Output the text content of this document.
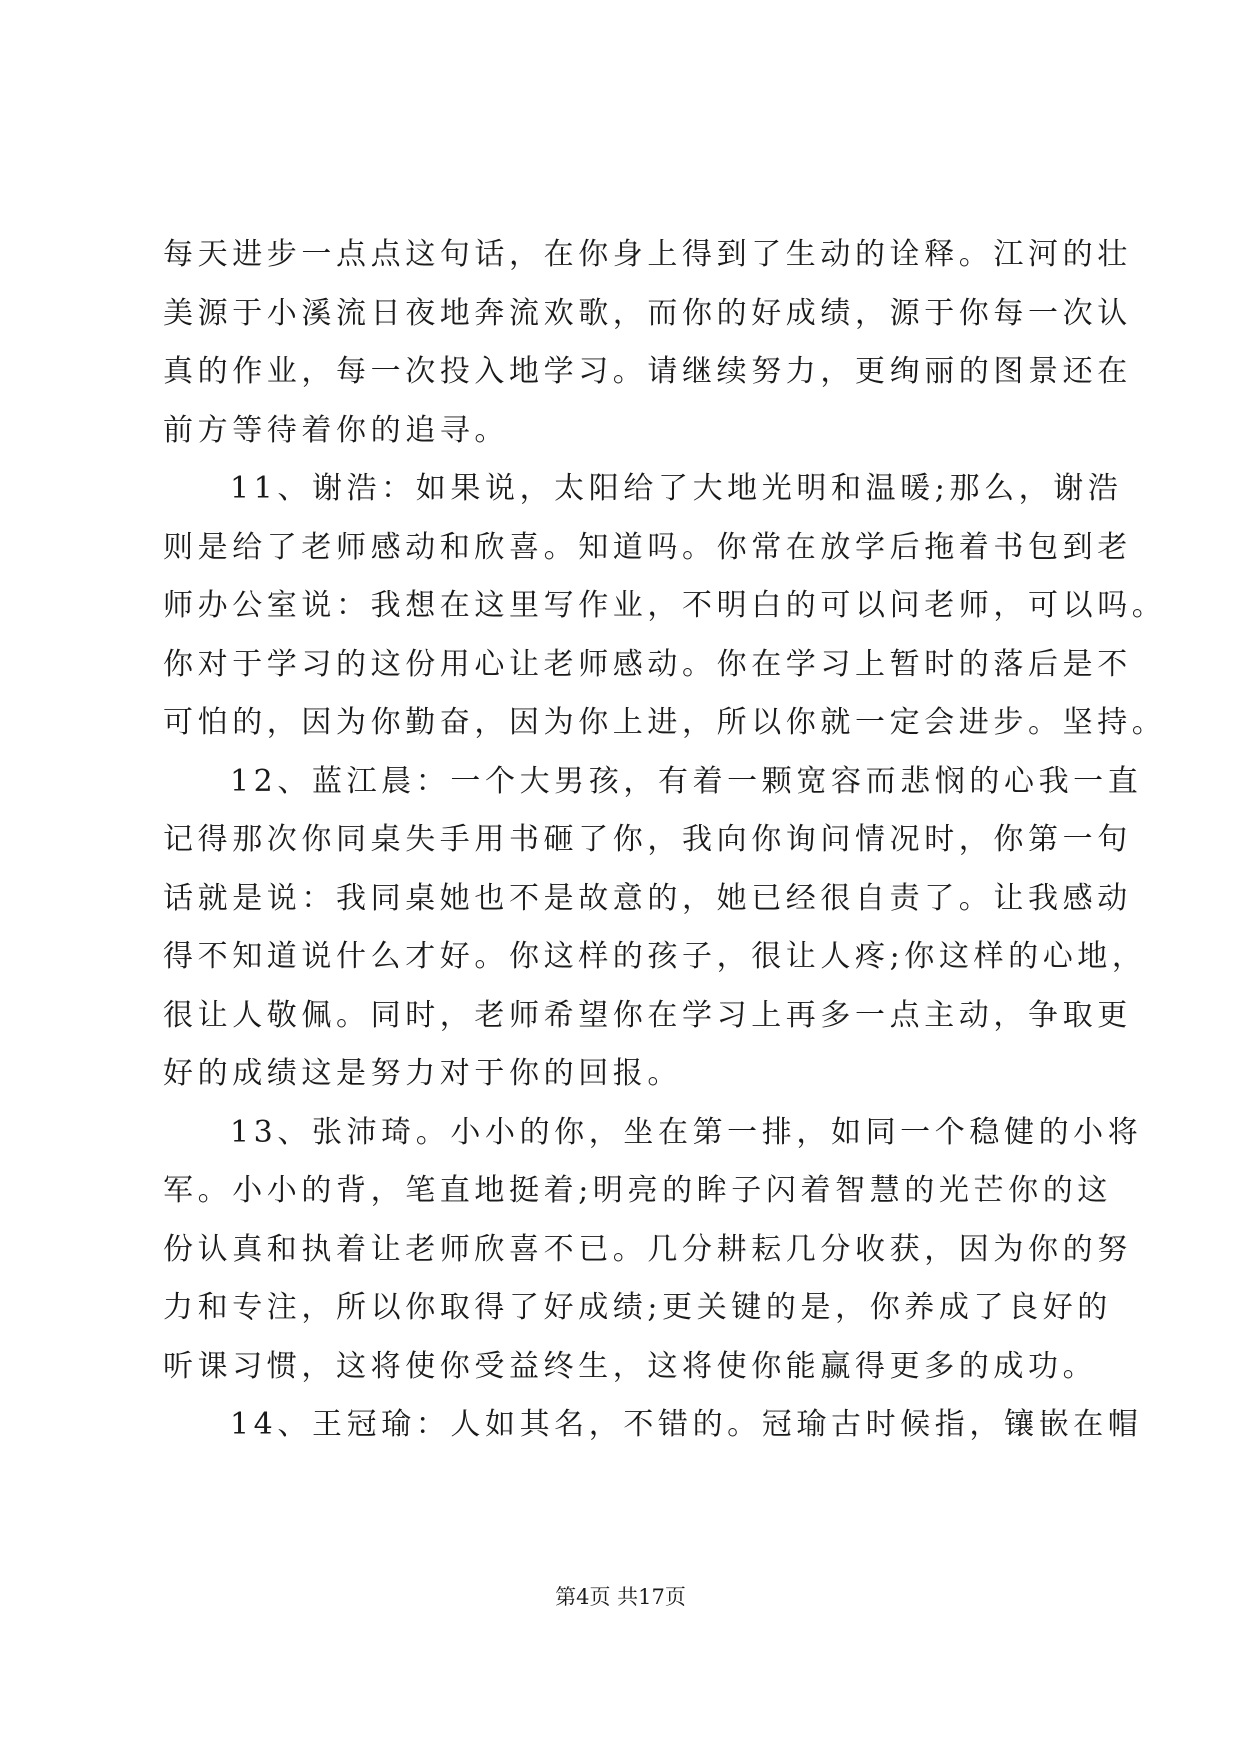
每天进步一点点这句话，在你身上得到了生动的诠释。江河的壮
美源于小溪流日夜地奔流欢歌，而你的好成绩，源于你每一次认
真的作业，每一次投入地学习。请继续努力，更绚丽的图景还在
前方等待着你的追寻。
11、谢浩：如果说，太阳给了大地光明和温暖;那么，谢浩
则是给了老师感动和欣喜。知道吗。你常在放学后拖着书包到老
师办公室说：我想在这里写作业，不明白的可以问老师，可以吗。
你对于学习的这份用心让老师感动。你在学习上暂时的落后是不
可怕的，因为你勤奋，因为你上进，所以你就一定会进步。坚持。
12、蓝江晨：一个大男孩，有着一颗宽容而悲悯的心我一直
记得那次你同桌失手用书砸了你，我向你询问情况时，你第一句
话就是说：我同桌她也不是故意的，她已经很自责了。让我感动
得不知道说什么才好。你这样的孩子，很让人疼;你这样的心地，
很让人敬佩。同时，老师希望你在学习上再多一点主动，争取更
好的成绩这是努力对于你的回报。
13、张沛琦。小小的你，坐在第一排，如同一个稳健的小将
军。小小的背，笔直地挺着;明亮的眸子闪着智慧的光芒你的这
份认真和执着让老师欣喜不已。几分耕耘几分收获，因为你的努
力和专注，所以你取得了好成绩;更关键的是，你养成了良好的
听课习惯，这将使你受益终生，这将使你能赢得更多的成功。
14、王冠瑜：人如其名，不错的。冠瑜古时候指，镶嵌在帽
第4页 共17页
